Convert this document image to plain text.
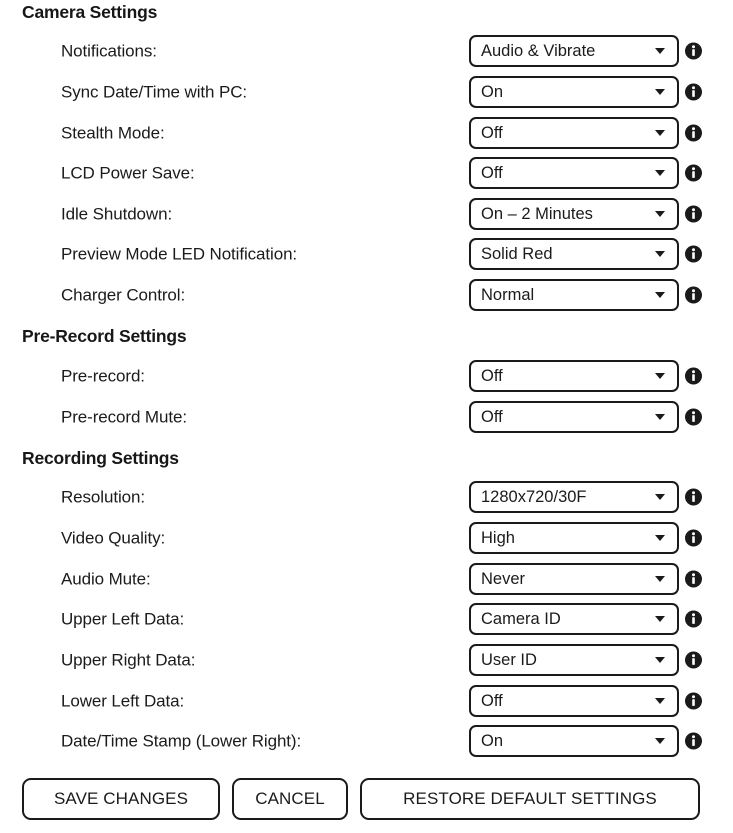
Camera Settings
Notifications:	Audio & Vibrate
Sync Date/Time with PC:	On
Stealth Mode:	Off
LCD Power Save:	Off
Idle Shutdown:	On – 2 Minutes
Preview Mode LED Notification:	Solid Red
Charger Control:	Normal
Pre-Record Settings
Pre-record:	Off
Pre-record Mute:	Off
Recording Settings
Resolution:	1280x720/30F
Video Quality:	High
Audio Mute:	Never
Upper Left Data:	Camera ID
Upper Right Data:	User ID
Lower Left Data:	Off
Date/Time Stamp (Lower Right):	On
SAVE CHANGES	CANCEL	RESTORE DEFAULT SETTINGS
